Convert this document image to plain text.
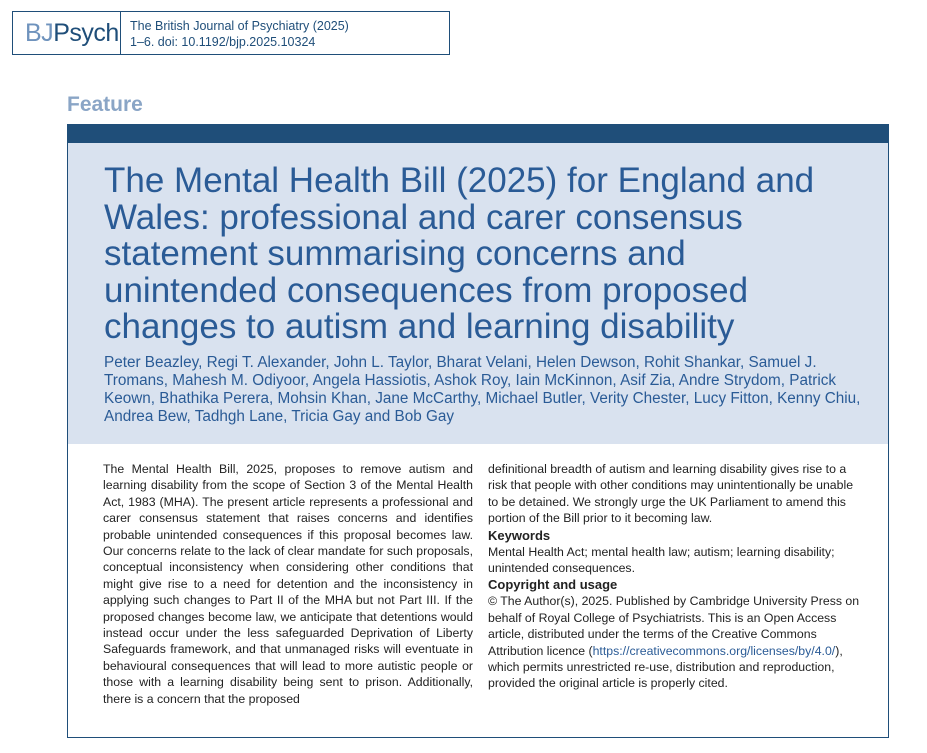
BJPsych The British Journal of Psychiatry (2025)
1–6. doi: 10.1192/bjp.2025.10324
Feature
The Mental Health Bill (2025) for England and Wales: professional and carer consensus statement summarising concerns and unintended consequences from proposed changes to autism and learning disability

Peter Beazley, Regi T. Alexander, John L. Taylor, Bharat Velani, Helen Dewson, Rohit Shankar, Samuel J. Tromans, Mahesh M. Odiyoor, Angela Hassiotis, Ashok Roy, Iain McKinnon, Asif Zia, Andre Strydom, Patrick Keown, Bhathika Perera, Mohsin Khan, Jane McCarthy, Michael Butler, Verity Chester, Lucy Fitton, Kenny Chiu, Andrea Bew, Tadhgh Lane, Tricia Gay and Bob Gay

The Mental Health Bill, 2025, proposes to remove autism and learning disability from the scope of Section 3 of the Mental Health Act, 1983 (MHA). The present article represents a professional and carer consensus statement that raises concerns and identifies probable unintended consequences if this proposal becomes law. Our concerns relate to the lack of clear mandate for such proposals, conceptual inconsistency when considering other conditions that might give rise to a need for detention and the inconsistency in applying such changes to Part II of the MHA but not Part III. If the proposed changes become law, we anticipate that detentions would instead occur under the less safeguarded Deprivation of Liberty Safeguards framework, and that unmanaged risks will eventuate in behavioural consequences that will lead to more autistic people or those with a learning disability being sent to prison. Additionally, there is a concern that the proposed

definitional breadth of autism and learning disability gives rise to a risk that people with other conditions may unintentionally be unable to be detained. We strongly urge the UK Parliament to amend this portion of the Bill prior to it becoming law.

Keywords

Mental Health Act; mental health law; autism; learning disability; unintended consequences.

Copyright and usage

© The Author(s), 2025. Published by Cambridge University Press on behalf of Royal College of Psychiatrists. This is an Open Access article, distributed under the terms of the Creative Commons Attribution licence (https://creativecommons.org/licenses/by/4.0/), which permits unrestricted re-use, distribution and reproduction, provided the original article is properly cited.
